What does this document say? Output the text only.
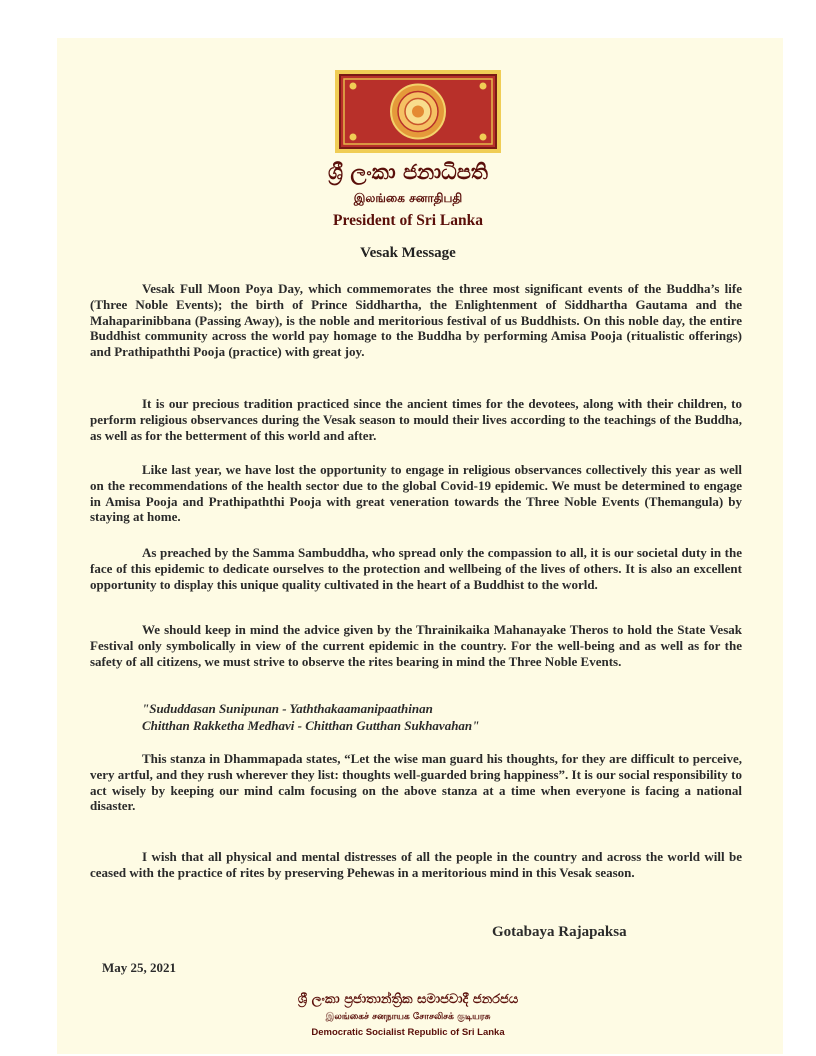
ශ්‍රී ලංකා ජනාධිපති
இலங்கை சனாதிபதி
President of Sri Lanka
Vesak Message

Vesak Full Moon Poya Day, which commemorates the three most significant events of the Buddha’s life (Three Noble Events); the birth of Prince Siddhartha, the Enlightenment of Siddhartha Gautama and the Mahaparinibbana (Passing Away), is the noble and meritorious festival of us Buddhists. On this noble day, the entire Buddhist community across the world pay homage to the Buddha by performing Amisa Pooja (ritualistic offerings) and Prathipaththi Pooja (practice) with great joy.

It is our precious tradition practiced since the ancient times for the devotees, along with their children, to perform religious observances during the Vesak season to mould their lives according to the teachings of the Buddha, as well as for the betterment of this world and after.

Like last year, we have lost the opportunity to engage in religious observances collectively this year as well on the recommendations of the health sector due to the global Covid-19 epidemic. We must be determined to engage in Amisa Pooja and Prathipaththi Pooja with great veneration towards the Three Noble Events (Themangula) by staying at home.

As preached by the Samma Sambuddha, who spread only the compassion to all, it is our societal duty in the face of this epidemic to dedicate ourselves to the protection and wellbeing of the lives of others. It is also an excellent opportunity to display this unique quality cultivated in the heart of a Buddhist to the world.

We should keep in mind the advice given by the Thrainikaika Mahanayake Theros to hold the State Vesak Festival only symbolically in view of the current epidemic in the country. For the well-being and as well as for the safety of all citizens, we must strive to observe the rites bearing in mind the Three Noble Events.

"Sududdasan Sunipunan - Yaththakaamanipaathinan

Chitthan Rakketha Medhavi - Chitthan Gutthan Sukhavahan"

This stanza in Dhammapada states, “Let the wise man guard his thoughts, for they are difficult to perceive, very artful, and they rush wherever they list: thoughts well-guarded bring happiness”. It is our social responsibility to act wisely by keeping our mind calm focusing on the above stanza at a time when everyone is facing a national disaster.

I wish that all physical and mental distresses of all the people in the country and across the world will be ceased with the practice of rites by preserving Pehewas in a meritorious mind in this Vesak season.

Gotabaya Rajapaksa
May 25, 2021
ශ්‍රී ලංකා ප්‍රජාතාන්ත්‍රික සමාජවාදී ජනරජය
இலங்கைச் சனநாயக சோசலிசக் குடியரசு
Democratic Socialist Republic of Sri Lanka
